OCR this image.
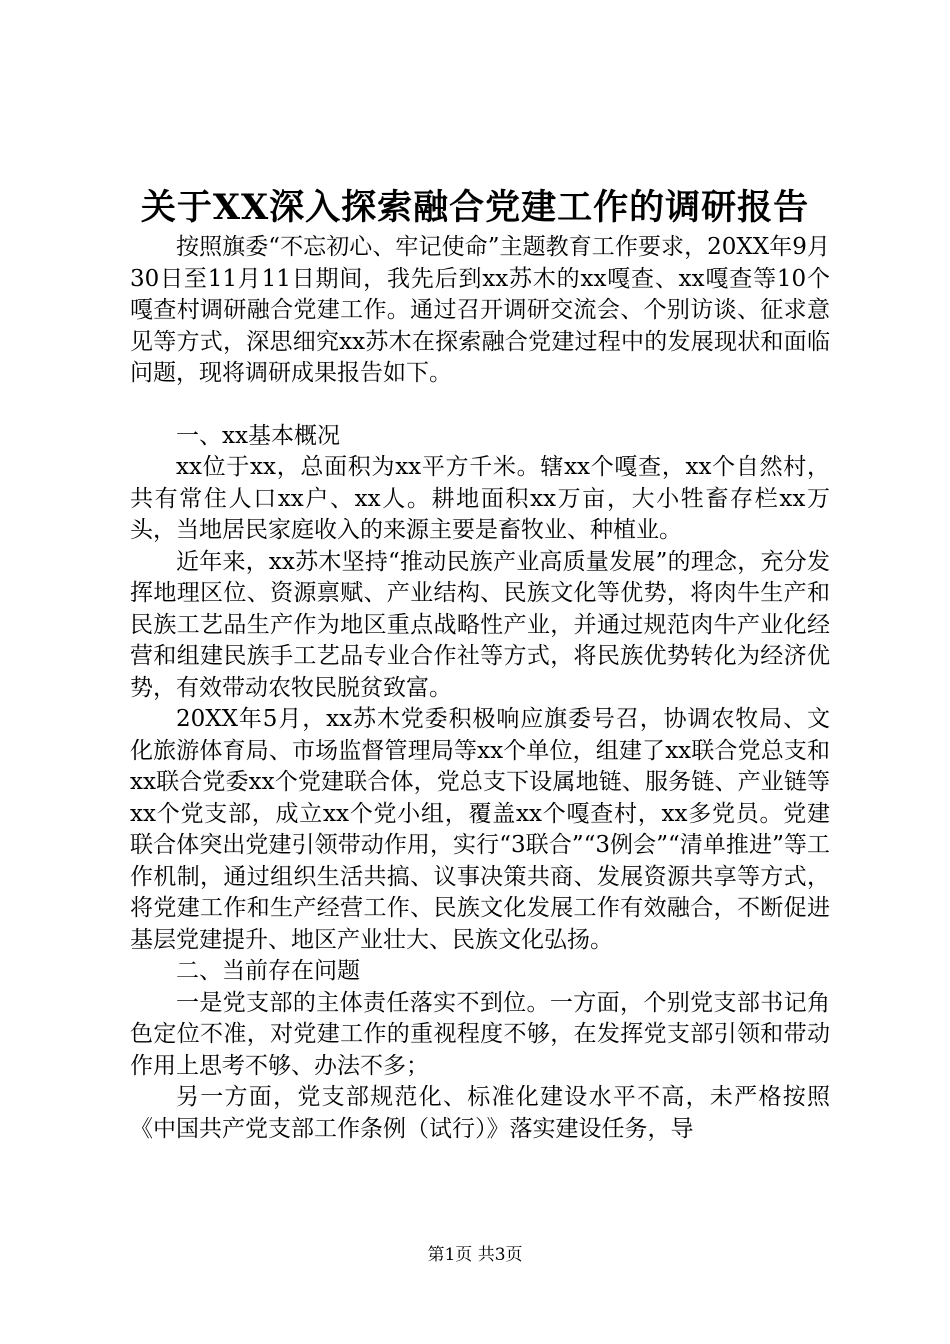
关于XX深入探索融合党建工作的调研报告

按照旗委“不忘初心、牢记使命”主题教育工作要求，20XX年9月30日至11月11日期间，我先后到xx苏木的xx嘎查、xx嘎查等10个嘎查村调研融合党建工作。通过召开调研交流会、个别访谈、征求意见等方式，深思细究xx苏木在探索融合党建过程中的发展现状和面临问题，现将调研成果报告如下。

一、xx基本概况

xx位于xx，总面积为xx平方千米。辖xx个嘎查，xx个自然村，共有常住人口xx户、xx人。耕地面积xx万亩，大小牲畜存栏xx万头，当地居民家庭收入的来源主要是畜牧业、种植业。

近年来，xx苏木坚持“推动民族产业高质量发展”的理念，充分发挥地理区位、资源禀赋、产业结构、民族文化等优势，将肉牛生产和民族工艺品生产作为地区重点战略性产业，并通过规范肉牛产业化经营和组建民族手工艺品专业合作社等方式，将民族优势转化为经济优势，有效带动农牧民脱贫致富。

20XX年5月，xx苏木党委积极响应旗委号召，协调农牧局、文化旅游体育局、市场监督管理局等xx个单位，组建了xx联合党总支和xx联合党委xx个党建联合体，党总支下设属地链、服务链、产业链等xx个党支部，成立xx个党小组，覆盖xx个嘎查村，xx多党员。党建联合体突出党建引领带动作用，实行“3联合”“3例会”“清单推进”等工作机制，通过组织生活共搞、议事决策共商、发展资源共享等方式，将党建工作和生产经营工作、民族文化发展工作有效融合，不断促进基层党建提升、地区产业壮大、民族文化弘扬。

二、当前存在问题

一是党支部的主体责任落实不到位。一方面，个别党支部书记角色定位不准，对党建工作的重视程度不够，在发挥党支部引领和带动作用上思考不够、办法不多；

另一方面，党支部规范化、标准化建设水平不高，未严格按照《中国共产党支部工作条例（试行）》落实建设任务，导

第1页 共3页
